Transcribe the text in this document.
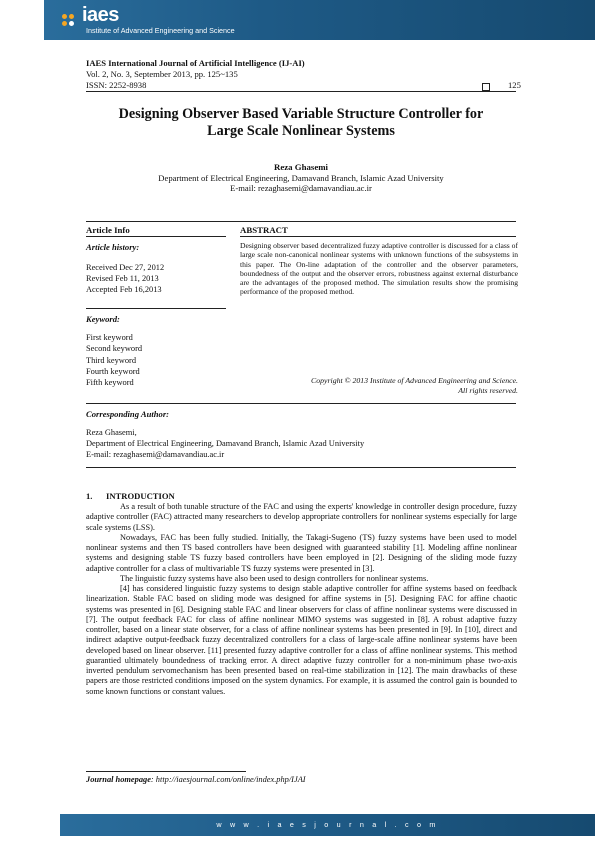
iaes
Institute of Advanced Engineering and Science
IAES International Journal of Artificial Intelligence (IJ-AI)
Vol. 2, No. 3, September 2013, pp. 125~135
ISSN: 2252-8938	125
Designing Observer Based Variable Structure Controller for
Large Scale Nonlinear Systems
Reza Ghasemi
Department of Electrical Engineering, Damavand Branch, Islamic Azad University
E-mail: rezaghasemi@damavandiau.ac.ir
Article Info	ABSTRACT
Article history:
Received Dec 27, 2012
Revised Feb 11, 2013
Accepted Feb 16,2013
Keyword:
First keyword
Second keyword
Third keyword
Fourth keyword
Fifth keyword
Designing observer based decentralized fuzzy adaptive controller is discussed for a class of large scale non-canonical nonlinear systems with unknown functions of the subsystems in this paper. The On-line adaptation of the controller and the observer parameters, boundedness of the output and the observer errors, robustness against external disturbance are the advantages of the proposed method. The simulation results show the promising performance of the proposed method.
Copyright © 2013 Institute of Advanced Engineering and Science.
All rights reserved.
Corresponding Author:
Reza Ghasemi,
Department of Electrical Engineering, Damavand Branch, Islamic Azad University
E-mail: rezaghasemi@damavandiau.ac.ir
1. INTRODUCTION

As a result of both tunable structure of the FAC and using the experts' knowledge in controller design procedure, fuzzy adaptive controller (FAC) attracted many researchers to develop appropriate controllers for nonlinear systems especially for large scale systems (LSS).

Nowadays, FAC has been fully studied. Initially, the Takagi-Sugeno (TS) fuzzy systems have been used to model nonlinear systems and then TS based controllers have been designed with guaranteed stability [1]. Modeling affine nonlinear systems and designing stable TS fuzzy based controllers have been employed in [2]. Designing of the sliding mode fuzzy adaptive controller for a class of multivariable TS fuzzy systems were presented in [3].

The linguistic fuzzy systems have also been used to design controllers for nonlinear systems.

[4] has considered linguistic fuzzy systems to design stable adaptive controller for affine systems based on feedback linearization. Stable FAC based on sliding mode was designed for affine systems in [5]. Designing FAC for affine chaotic systems was presented in [6]. Designing stable FAC and linear observers for class of affine nonlinear systems were discussed in [7]. The output feedback FAC for class of affine nonlinear MIMO systems was suggested in [8]. A robust adaptive fuzzy controller, based on a linear state observer, for a class of affine nonlinear systems has been presented in [9]. In [10], direct and indirect adaptive output-feedback fuzzy decentralized controllers for a class of large-scale affine nonlinear systems have been developed based on linear observer. [11] presented fuzzy adaptive controller for a class of affine nonlinear systems. This method guarantied ultimately boundedness of tracking error. A direct adaptive fuzzy controller for a non-minimum phase two-axis inverted pendulum servomechanism has been presented based on real-time stabilization in [12]. The main drawbacks of these papers are those restricted conditions imposed on the system dynamics. For example, it is assumed the control gain is bounded to some known functions or constant values.

Journal homepage: http://iaesjournal.com/online/index.php/IJAI
w w w . i a e s j o u r n a l . c o m
